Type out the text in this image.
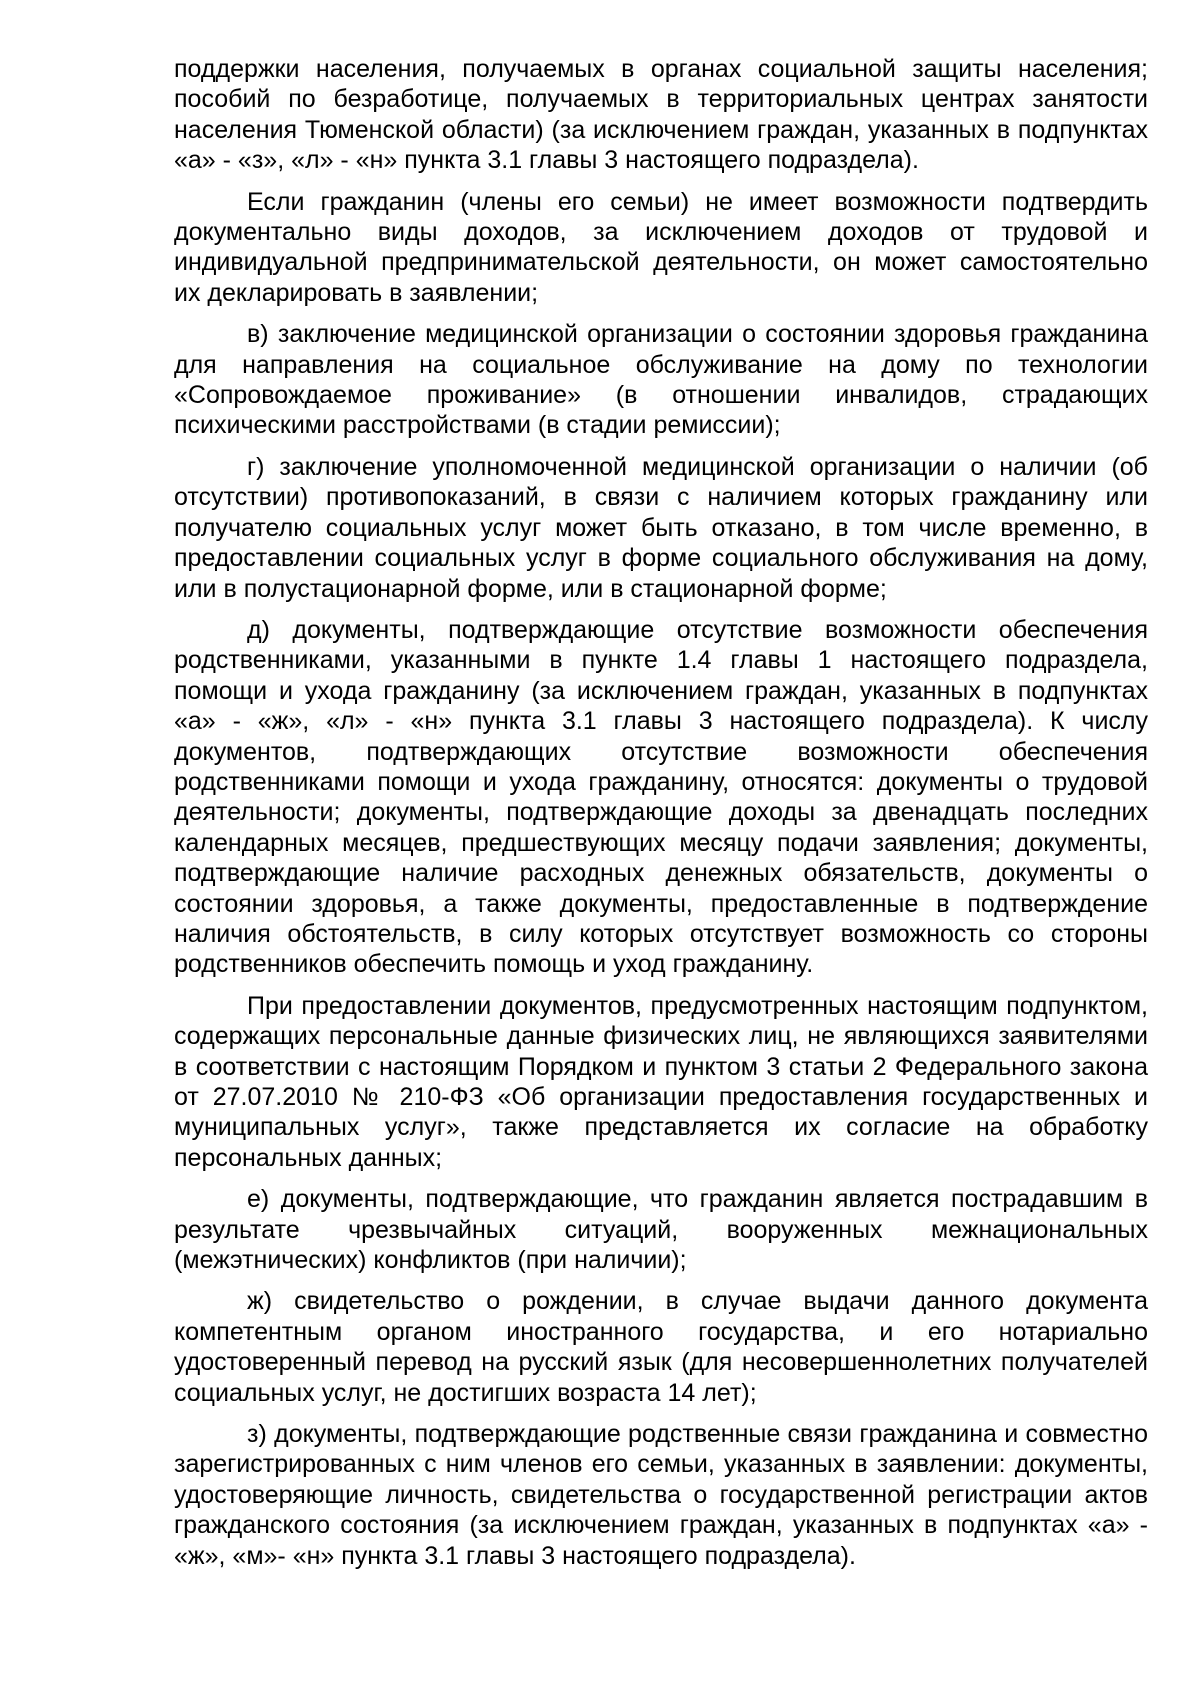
поддержки населения, получаемых в органах социальной защиты населения; пособий по безработице, получаемых в территориальных центрах занятости населения Тюменской области) (за исключением граждан, указанных в подпунктах «а» - «з», «л» - «н» пункта 3.1 главы 3 настоящего подраздела).

Если гражданин (члены его семьи) не имеет возможности подтвердить документально виды доходов, за исключением доходов от трудовой и индивидуальной предпринимательской деятельности, он может самостоятельно их декларировать в заявлении;

в) заключение медицинской организации о состоянии здоровья гражданина для направления на социальное обслуживание на дому по технологии «Сопровождаемое проживание» (в отношении инвалидов, страдающих психическими расстройствами (в стадии ремиссии);

г) заключение уполномоченной медицинской организации о наличии (об отсутствии) противопоказаний, в связи с наличием которых гражданину или получателю социальных услуг может быть отказано, в том числе временно, в предоставлении социальных услуг в форме социального обслуживания на дому, или в полустационарной форме, или в стационарной форме;

д) документы, подтверждающие отсутствие возможности обеспечения родственниками, указанными в пункте 1.4 главы 1 настоящего подраздела, помощи и ухода гражданину (за исключением граждан, указанных в подпунктах «а» - «ж», «л» - «н» пункта 3.1 главы 3 настоящего подраздела). К числу документов, подтверждающих отсутствие возможности обеспечения родственниками помощи и ухода гражданину, относятся: документы о трудовой деятельности; документы, подтверждающие доходы за двенадцать последних календарных месяцев, предшествующих месяцу подачи заявления; документы, подтверждающие наличие расходных денежных обязательств, документы о состоянии здоровья, а также документы, предоставленные в подтверждение наличия обстоятельств, в силу которых отсутствует возможность со стороны родственников обеспечить помощь и уход гражданину.

При предоставлении документов, предусмотренных настоящим подпунктом, содержащих персональные данные физических лиц, не являющихся заявителями в соответствии с настоящим Порядком и пунктом 3 статьи 2 Федерального закона от 27.07.2010 № 210-ФЗ «Об организации предоставления государственных и муниципальных услуг», также представляется их согласие на обработку персональных данных;

е) документы, подтверждающие, что гражданин является пострадавшим в результате чрезвычайных ситуаций, вооруженных межнациональных (межэтнических) конфликтов (при наличии);

ж) свидетельство о рождении, в случае выдачи данного документа компетентным органом иностранного государства, и его нотариально удостоверенный перевод на русский язык (для несовершеннолетних получателей социальных услуг, не достигших возраста 14 лет);

з) документы, подтверждающие родственные связи гражданина и совместно зарегистрированных с ним членов его семьи, указанных в заявлении: документы, удостоверяющие личность, свидетельства о государственной регистрации актов гражданского состояния (за исключением граждан, указанных в подпунктах «а» - «ж», «м»- «н» пункта 3.1 главы 3 настоящего подраздела).
